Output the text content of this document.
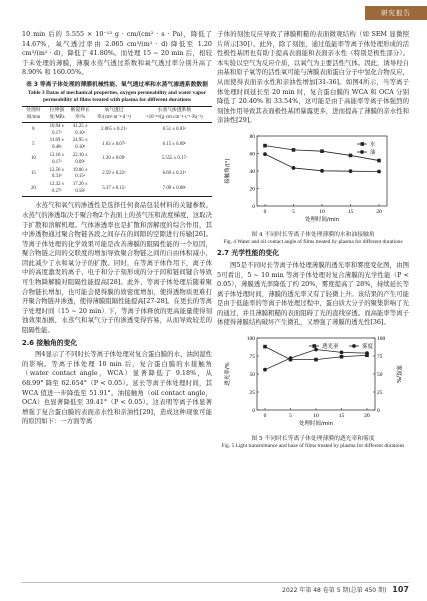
研究报告

10 min 后的 5.555 × 10⁻¹³ g · cm/(cm² · s · Pa)，降低了 14.67%，氧气透过率由 2.065 cm³/(m² · d) 降低至 1.20 cm³/(m² · d)，降低了 41.80%。而处理 15 ~ 20 min 后，相较于未处理的薄膜，薄膜水蒸气透过系数和氧气透过率分别升高了 8.90% 和 160.05%。

表 3 等离子体处理的薄膜机械性能、氧气透过率和水蒸气渗透系数数据
Table 3 Datas of mechanical properties, oxygen permeability and water vapor permeability of films treated with plasma for different durations
处理时间/min	拉伸强度/MPa	断裂伸长率/%	氧气透过率/(cm³·m⁻²·d⁻¹)	水蒸气渗透系数×10⁻¹³/(g·cm·cm⁻²·s⁻¹·Pa⁻¹)
0	10.94 ± 0.17ᵃ	41.25 ± 0.10ᵃ	2.065 ± 0.21ᵃ	6.51 ± 0.03ᵃ
5	11.69 ± 0.48ᵃ	24.95 ± 0.10ᵇ	1.63 ± 0.07ᵇ	6.15 ± 0.09ᵇ
10	12.16 ± 0.17ᵃ	22.10 ± 0.09ᶜ	1.20 ± 0.09ᶜ	5.555 ± 0.17ᶜ
15	12.56 ± 0.31ᵇ	19.06 ± 0.15ᵈ	2.59 ± 0.22ᵇ	6.69 ± 0.31ᵈ
20	12.32 ± 0.27ᵇ	17.20 ± 0.58ᵉ	5.37 ± 0.15ᵃ	7.09 ± 0.08ᵉ

水蒸气和氧气的渗透性是选择任何食品包装材料的关键参数。水蒸气的渗透取决于聚合物2个表面上的蒸气压和浓度梯度，这取决于扩散和溶解机理。气体渗透率也是扩散和溶解度的综合作用，其中渗透物通过聚合物链各段之间存在的间隙的空隙进行传输[26]。等离子体处理的化学效果可能是改善薄膜的阻隔性能的一个原因，聚合物链之间的交联度的增加导致聚合物链之间的自由体积减小，因此减少了水和氧分子的扩散。同时，在等离子体作用下，离子体中的高度激发的离子、电子和分子刻形成的分子间和链间键合导致可生物降解膜对阻隔性能提高[28]。此外，等离子体处理后随着聚合物链长增加，也可能会使得膜的致密度增加，使得透物质更难打开聚合物链并渗透，使得薄膜阻隔性能提高[27-28]。在更长的等离子处理时间（15 ~ 20 min）下，等离子体释放的更高能量使得刻蚀效果加剧，水蒸气和氧气分子的渗透变得容易，从而导致较差的阻隔性能。

2.6 接触角的变化

图4显示了不同时长等离子体处理对复合蛋白膜的水、油润湿性的影响。等离子体处理 10 min 后，复合蛋白膜的水接触角（water contact angle，WCA）显著降低了 9.18%，从 68.99° 降至 62.654°（P < 0.05）。延长等离子体处理时间，其 WCA 值进一步降低至 51.91°。油接触角（oil contact angle，OCA）也显著降低至 39.41°（P < 0.05）。这表明等离子体显著增强了复合蛋白膜的表面亲水性和亲油性[29]，造成这种现象可能的原因如下：一方面等离

子体的刻蚀反应导致了薄膜粗糙的表面微观结构（如 SEM 显微照片所示[30]）。此外，除了刻蚀，通过低能率等离子体处理形成的活性极性基团也有助于提高表面能和表面亲水性（特别是极性部分）。本实验以空气为反应介质，以氧气为主要活性气体。因此，诱导羟自由基和原子氧等的活性氧可能与薄膜表面蛋白分子中氢化合物反应，从而使得表面亲水性和亲油性增加[31-36]。如图4所示，当等离子体处理时间延长至 20 min 时，复合蛋白膜的 WCA 和 OCA 分别降低了 20.40% 和 33.54%，这可能是由于高能率等离子体强烈的刻蚀作用导致其表面极性基团暴露更多，进而提高了薄膜的亲水性和亲油性[29]。

0
20
40
60
80
0	5	10	15	20
处理时间/min
接触角/(°)
水
油
图 4 不同时长等离子体处理薄膜的水和油接触角
Fig. 4 Water and oil contact angle of films treated by plasma for different durations
2.7 光学性能的变化

图5是不同时长等离子体处理薄膜的透光率和雾度变化图，由图5可看出，5 ~ 10 min 等离子体处理对复合薄膜的光学性能（P < 0.05），薄膜透光率降低了约 20%，雾度提高了 28%，持续延长等离子体处理时间，薄膜的透光率又有了轻微上升。该结果的产生可能是由于低能率的等离子体处理过程中，蛋白质大分子的聚集影响了光的通过，并且薄膜粗糙的表面阻碍了光的直线穿透。而高能率等离子体使得薄膜结构破坏产生微孔，又增强了薄膜的透光性[36]。

0
25
50
75
100
0
25
50
75
100
雾度/%
0	5	10	15	20
处理时间/min
透光率/%
透光率	雾度
图 5 不同时长等离子体处理薄膜的透光率和雾度
Fig. 5 Light transmittance and haze of films treated by plasma for different durations
2022 年第 48 卷第 5 期(总第 450 期) 107
